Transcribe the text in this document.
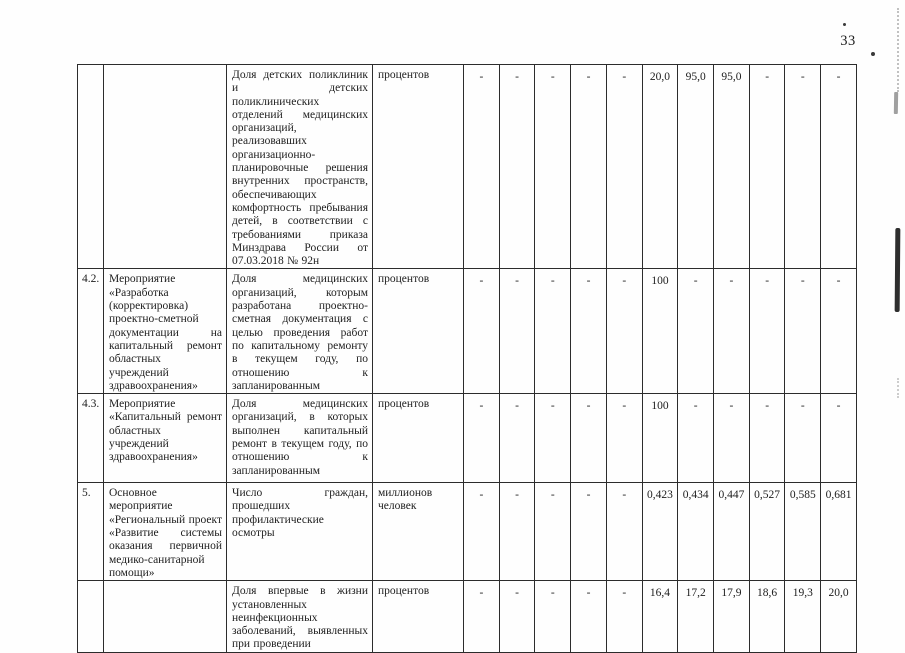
33
		Доля детских поликлиник и детских поликлинических отделений медицинских организаций, реализовавших организационно-планировочные решения внутренних пространств, обеспечивающих комфортность пребывания детей, в соответствии с требованиями приказа Минздрава России от 07.03.2018 № 92н	процентов	-	-	-	-	-	20,0	95,0	95,0	-	-	-
4.2.	Мероприятие «Разработка (корректировка) проектно-сметной документации на капитальный ремонт областных учреждений здравоохранения»	Доля медицинских организаций, которым разработана проектно-сметная документация с целью проведения работ по капитальному ремонту в текущем году, по отношению к запланированным	процентов	-	-	-	-	-	100	-	-	-	-	-
4.3.	Мероприятие «Капитальный ремонт областных учреждений здравоохранения»	Доля медицинских организаций, в которых выполнен капитальный ремонт в текущем году, по отношению к запланированным	процентов	-	-	-	-	-	100	-	-	-	-	-
5.	Основное мероприятие «Региональный проект «Развитие системы оказания первичной медико-санитарной помощи»	Число граждан, прошедших профилактические осмотры	миллионов человек	-	-	-	-	-	0,423	0,434	0,447	0,527	0,585	0,681
		Доля впервые в жизни установленных неинфекционных заболеваний, выявленных при проведении	процентов	-	-	-	-	-	16,4	17,2	17,9	18,6	19,3	20,0
